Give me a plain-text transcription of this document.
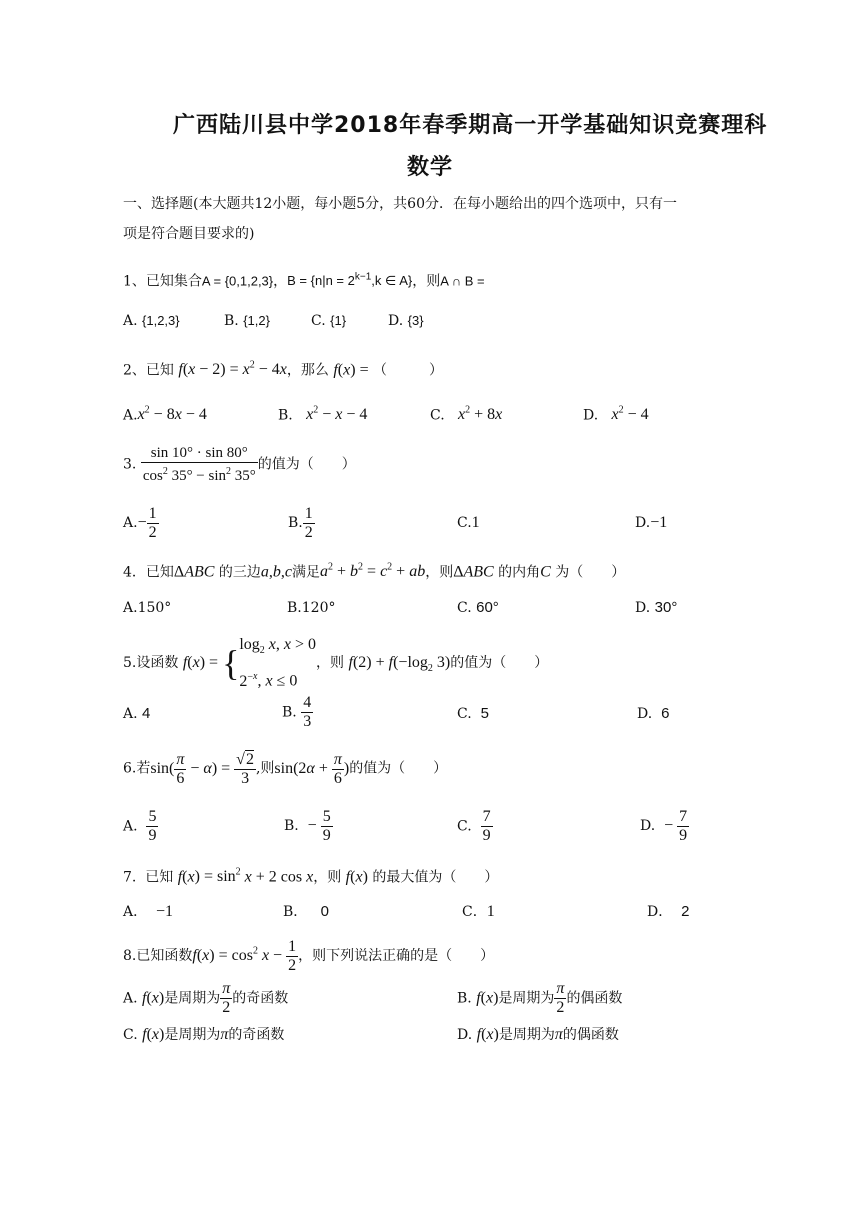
广西陆川县中学2018年春季期高一开学基础知识竞赛理科
数学
一、选择题(本大题共12小题，每小题5分，共60分．在每小题给出的四个选项中，只有一
项是符合题目要求的)
1、已知集合A = {0,1,2,3}，$B = \{n|n = 2^{k-1},k$ ∈ A}，则A ∩ B =
A. {1,2,3}	B. {1,2}	C. {1}	D. {3}
2、已知 $f(x - 2) = x^2 - 4x$，那么 f(x) = （　　　）
$A.x^2 - 8x - 4$	B. $x^2 - x - 4$	C. $x^2 + 8x$	D. $x^2 - 4$
3. $\frac{\sin 10^\circ \cdot \sin 80^\circ}{\cos^2 35^\circ - \sin^2 35^\circ}$ 的值为（　　）
$A.- \frac{1}{2}$	B. $\frac{1}{2}$	C.1	D.−1
4．已知ΔABC 的三边a,b,c满足$a^2 + b^2 = c^2$ + ab，则ΔABC 的内角C 为（　　）
A.150°	B.120°	C. 60°	D. 30°
5.设函数 f(x) = { $\log_2 x$, x > 0
$2^{-x}$, x ≤ 0
，则 $f(2) + f(-\log_2$ 3)的值为（　　）
A. 4	B. $\frac{4}{3}$	C. 5	D. 6
6.若$\sin( \frac{\pi}{6} - \alpha) = \frac{√2}{3}$ ,则$\sin(2\alpha + \frac{\pi}{6}$ )的值为（　　）
A. $\frac{5}{9}$	B. − $\frac{5}{9}$	C. $\frac{7}{9}$	D. − $\frac{7}{9}$
7. 已知 $f(x) = \sin^2 x + 2$ cos x，则 f(x) 的最大值为（　　）
A． −1	B． 0	C．1	D． 2
8.已知函数$f(x) = \cos^2 x - \frac{1}{2}$ ，则下列说法正确的是（　　）
A. f(x)是周期为 $\frac{\pi}{2}$ 的奇函数	B. f(x)是周期为 $\frac{\pi}{2}$ 的偶函数
C. f(x)是周期为π的奇函数	D. f(x)是周期为π的偶函数
